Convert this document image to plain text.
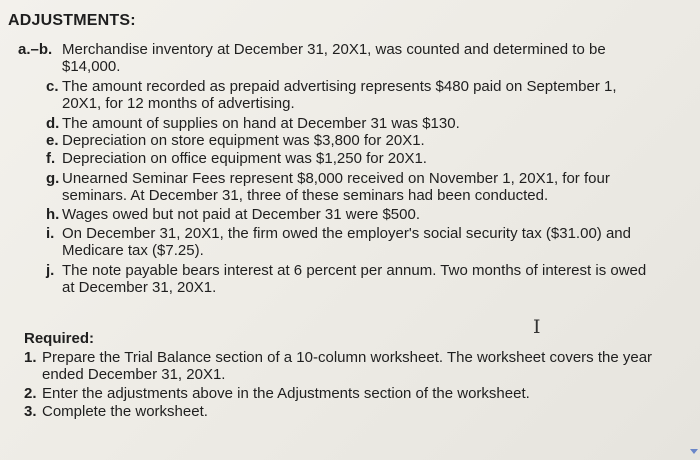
ADJUSTMENTS:
a.–b. Merchandise inventory at December 31, 20X1, was counted and determined to be
$14,000.
c. The amount recorded as prepaid advertising represents $480 paid on September 1,
20X1, for 12 months of advertising.
d. The amount of supplies on hand at December 31 was $130.
e. Depreciation on store equipment was $3,800 for 20X1.
f. Depreciation on office equipment was $1,250 for 20X1.
g. Unearned Seminar Fees represent $8,000 received on November 1, 20X1, for four
seminars. At December 31, three of these seminars had been conducted.
h. Wages owed but not paid at December 31 were $500.
i. On December 31, 20X1, the firm owed the employer's social security tax ($31.00) and
Medicare tax ($7.25).
j. The note payable bears interest at 6 percent per annum. Two months of interest is owed
at December 31, 20X1.
I
Required:
1. Prepare the Trial Balance section of a 10-column worksheet. The worksheet covers the year
ended December 31, 20X1.
2. Enter the adjustments above in the Adjustments section of the worksheet.
3. Complete the worksheet.
